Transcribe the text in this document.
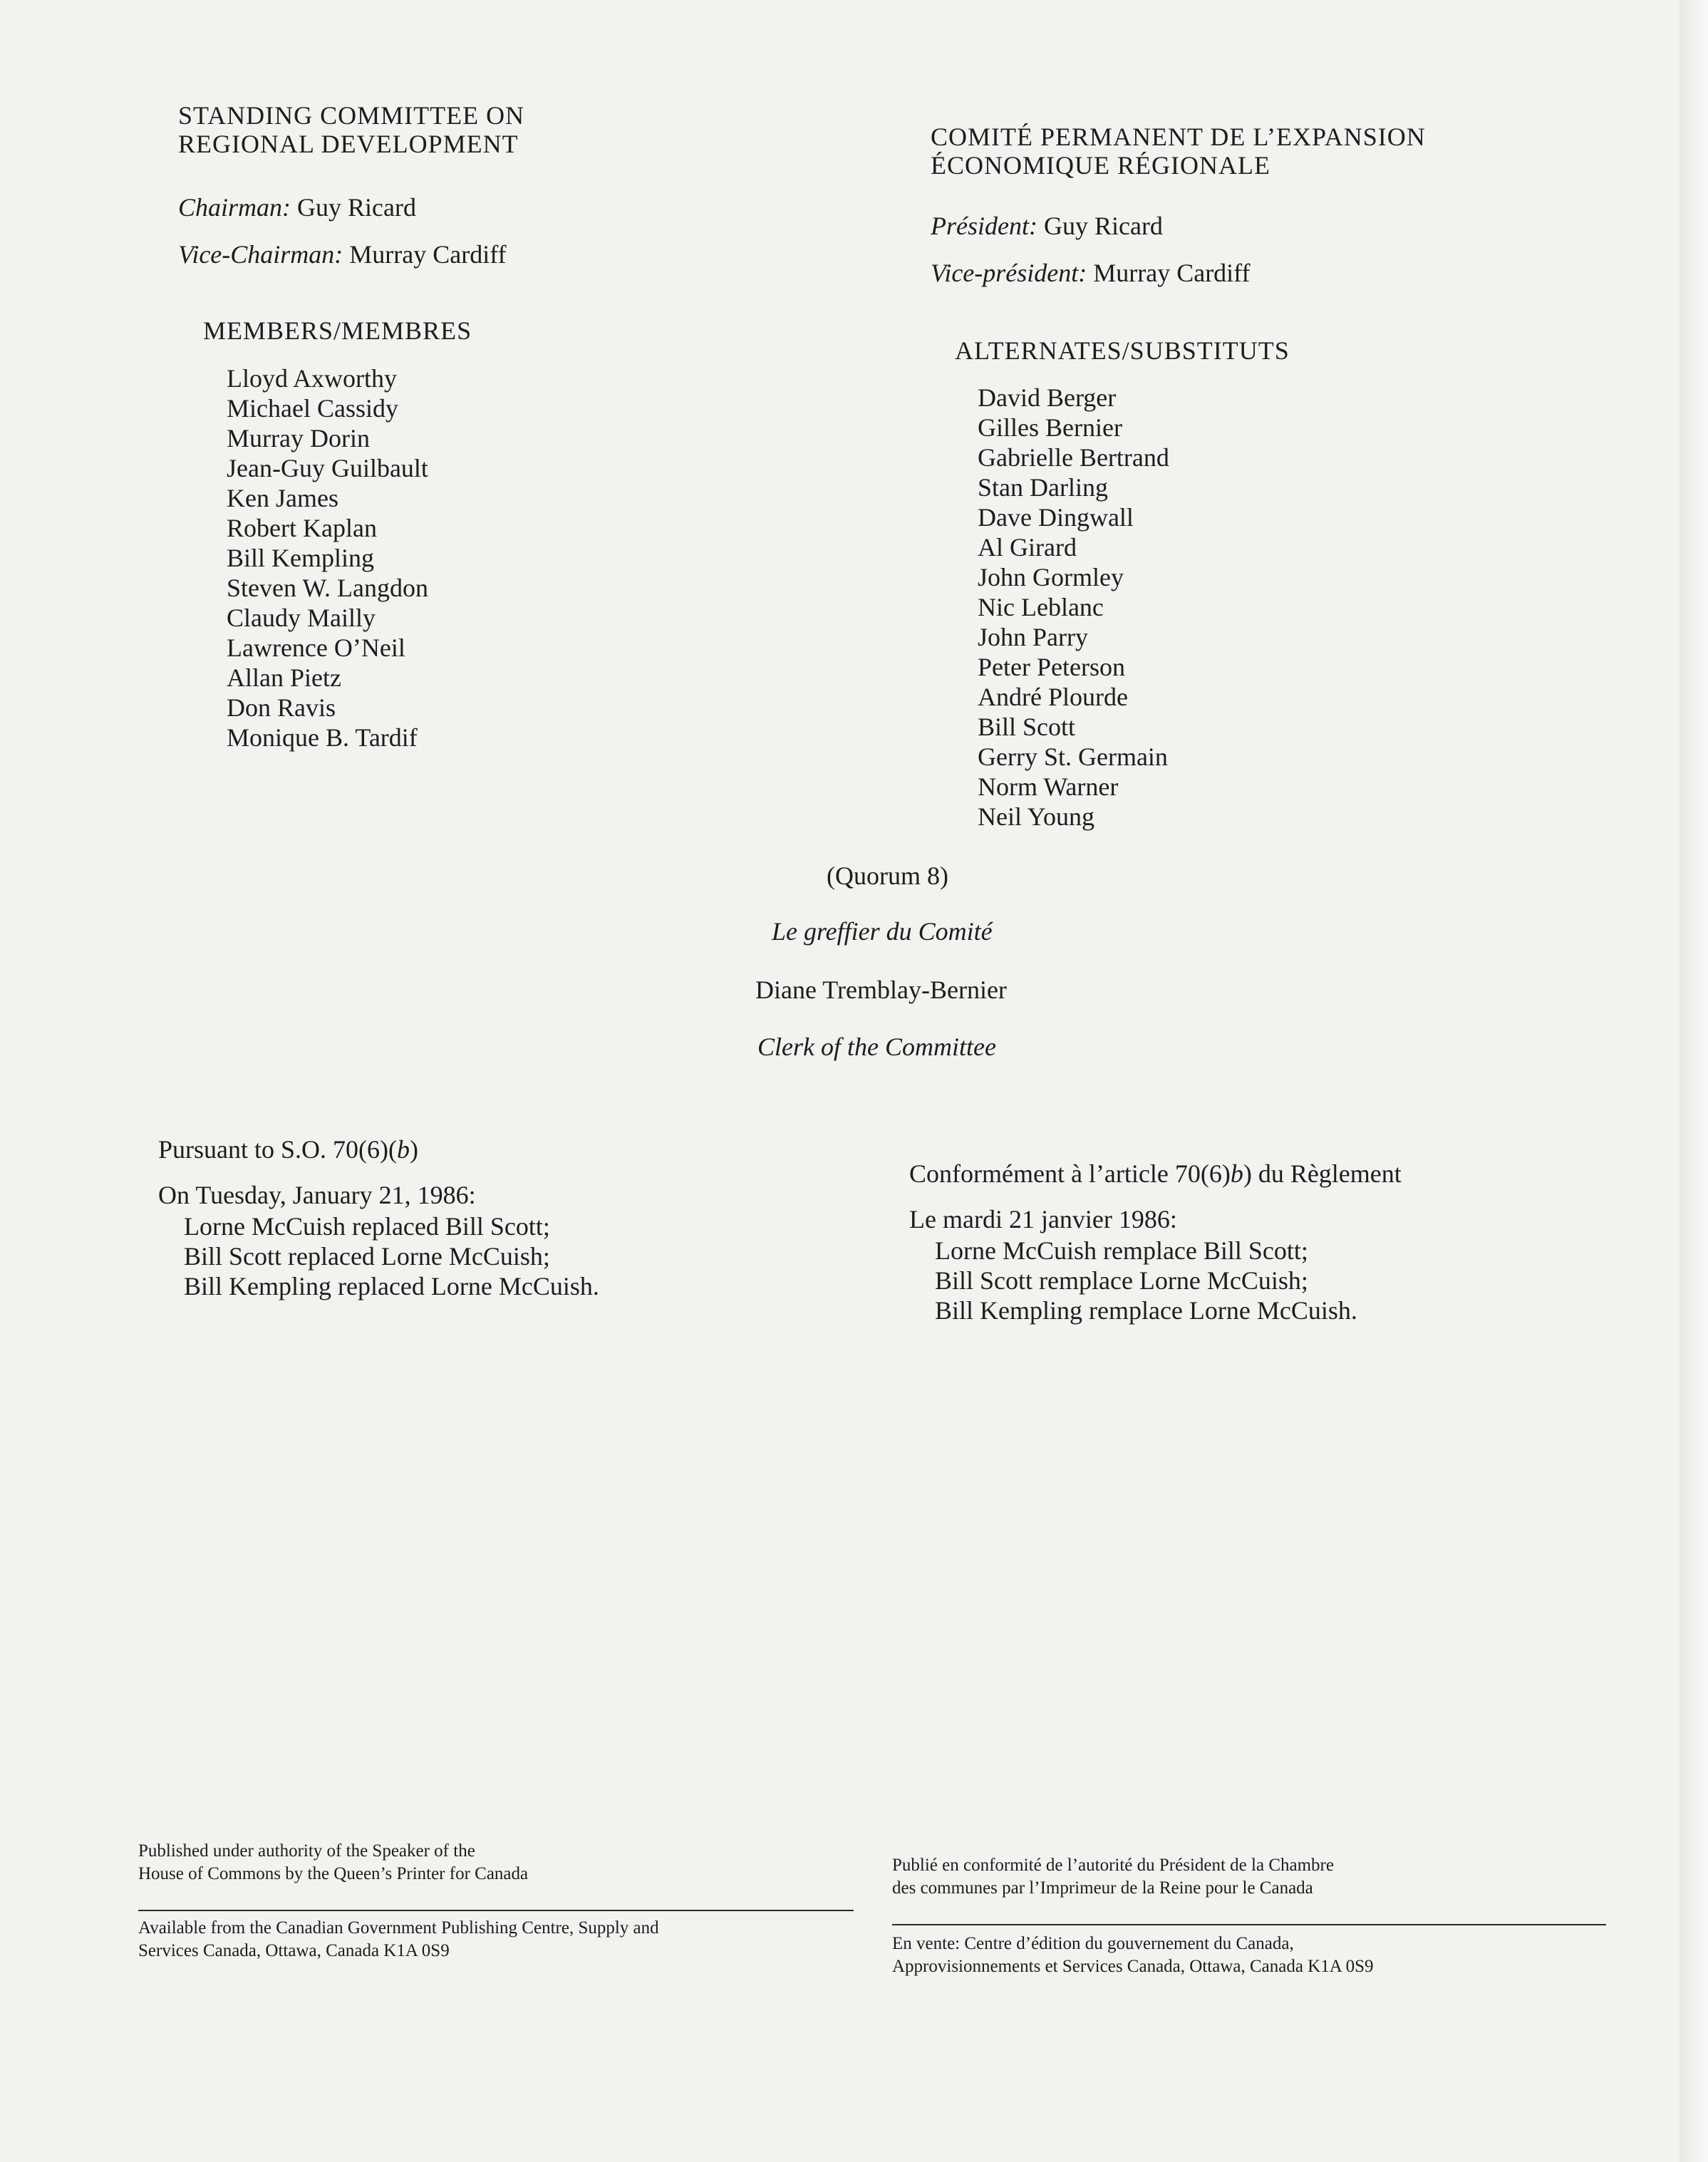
STANDING COMMITTEE ON
REGIONAL DEVELOPMENT
Chairman: Guy Ricard
Vice-Chairman: Murray Cardiff
COMITÉ PERMANENT DE L’EXPANSION
ÉCONOMIQUE RÉGIONALE
Président: Guy Ricard
Vice-président: Murray Cardiff
MEMBERS/MEMBRES
Lloyd Axworthy
Michael Cassidy
Murray Dorin
Jean-Guy Guilbault
Ken James
Robert Kaplan
Bill Kempling
Steven W. Langdon
Claudy Mailly
Lawrence O’Neil
Allan Pietz
Don Ravis
Monique B. Tardif
ALTERNATES/SUBSTITUTS
David Berger
Gilles Bernier
Gabrielle Bertrand
Stan Darling
Dave Dingwall
Al Girard
John Gormley
Nic Leblanc
John Parry
Peter Peterson
André Plourde
Bill Scott
Gerry St. Germain
Norm Warner
Neil Young
(Quorum 8)
Le greffier du Comité
Diane Tremblay-Bernier
Clerk of the Committee
Pursuant to S.O. 70(6)(b)
On Tuesday, January 21, 1986:
Lorne McCuish replaced Bill Scott;
Bill Scott replaced Lorne McCuish;
Bill Kempling replaced Lorne McCuish.
Conformément à l’article 70(6)b) du Règlement
Le mardi 21 janvier 1986:
Lorne McCuish remplace Bill Scott;
Bill Scott remplace Lorne McCuish;
Bill Kempling remplace Lorne McCuish.
Published under authority of the Speaker of the
House of Commons by the Queen’s Printer for Canada
Available from the Canadian Government Publishing Centre, Supply and
Services Canada, Ottawa, Canada K1A 0S9
Publié en conformité de l’autorité du Président de la Chambre
des communes par l’Imprimeur de la Reine pour le Canada
En vente: Centre d’édition du gouvernement du Canada,
Approvisionnements et Services Canada, Ottawa, Canada K1A 0S9
